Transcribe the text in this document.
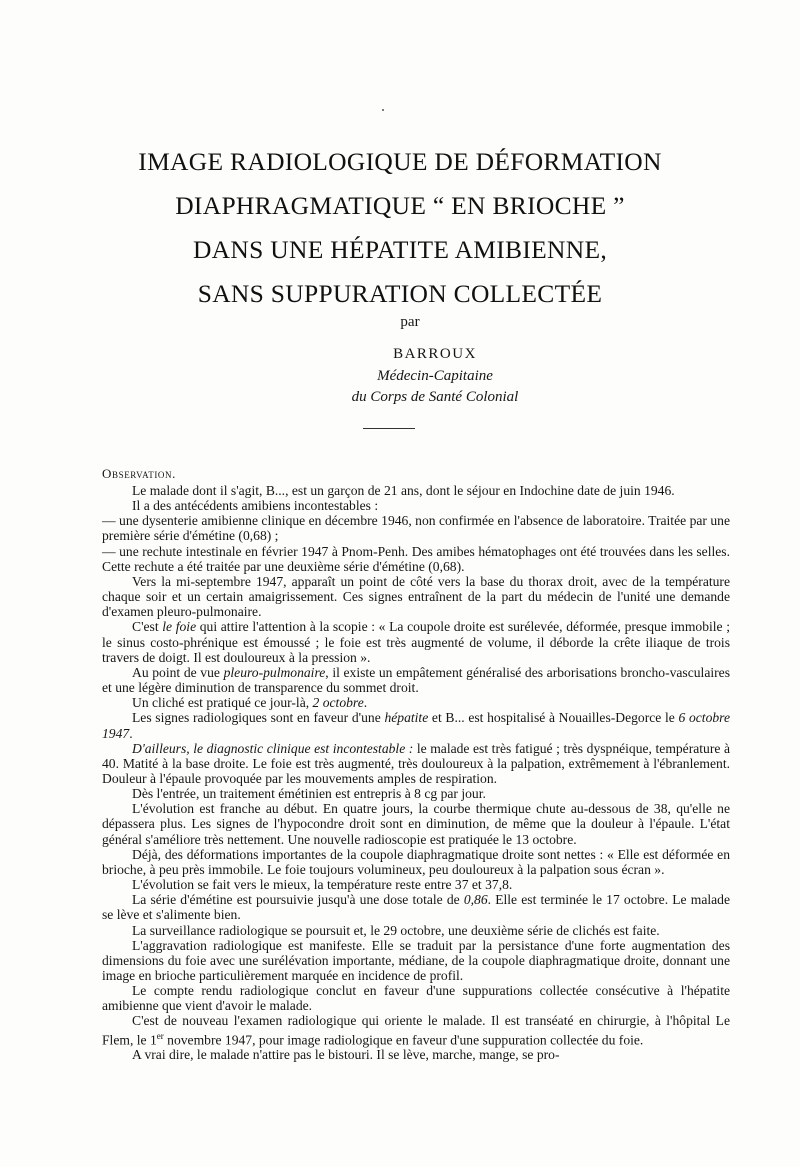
IMAGE RADIOLOGIQUE DE DÉFORMATION
DIAPHRAGMATIQUE “ EN BRIOCHE ”
DANS UNE HÉPATITE AMIBIENNE,
SANS SUPPURATION COLLECTÉE
par
BARROUX
Médecin-Capitaine
du Corps de Santé Colonial
Observation.

Le malade dont il s'agit, B..., est un garçon de 21 ans, dont le séjour en Indochine date de juin 1946.

Il a des antécédents amibiens incontestables :

— une dysenterie amibienne clinique en décembre 1946, non confirmée en l'absence de laboratoire. Traitée par une première série d'émétine (0,68) ;

— une rechute intestinale en février 1947 à Pnom-Penh. Des amibes hématophages ont été trouvées dans les selles. Cette rechute a été traitée par une deuxième série d'émétine (0,68).

Vers la mi-septembre 1947, apparaît un point de côté vers la base du thorax droit, avec de la température chaque soir et un certain amaigrissement. Ces signes entraînent de la part du médecin de l'unité une demande d'examen pleuro-pulmonaire.

C'est le foie qui attire l'attention à la scopie : « La coupole droite est surélevée, déformée, presque immobile ; le sinus costo-phrénique est émoussé ; le foie est très augmenté de volume, il déborde la crête iliaque de trois travers de doigt. Il est douloureux à la pression ».

Au point de vue pleuro-pulmonaire, il existe un empâtement généralisé des arborisations broncho-vasculaires et une légère diminution de transparence du sommet droit.

Un cliché est pratiqué ce jour-là, 2 octobre.

Les signes radiologiques sont en faveur d'une hépatite et B... est hospitalisé à Nouailles-Degorce le 6 octobre 1947.

D'ailleurs, le diagnostic clinique est incontestable : le malade est très fatigué ; très dyspnéique, température à 40. Matité à la base droite. Le foie est très augmenté, très douloureux à la palpation, extrêmement à l'ébranlement. Douleur à l'épaule provoquée par les mouvements amples de respiration.

Dès l'entrée, un traitement émétinien est entrepris à 8 cg par jour.

L'évolution est franche au début. En quatre jours, la courbe thermique chute au-dessous de 38, qu'elle ne dépassera plus. Les signes de l'hypocondre droit sont en diminution, de même que la douleur à l'épaule. L'état général s'améliore très nettement. Une nouvelle radioscopie est pratiquée le 13 octobre.

Déjà, des déformations importantes de la coupole diaphragmatique droite sont nettes : « Elle est déformée en brioche, à peu près immobile. Le foie toujours volumineux, peu douloureux à la palpation sous écran ».

L'évolution se fait vers le mieux, la température reste entre 37 et 37,8.

La série d'émétine est poursuivie jusqu'à une dose totale de 0,86. Elle est terminée le 17 octobre. Le malade se lève et s'alimente bien.

La surveillance radiologique se poursuit et, le 29 octobre, une deuxième série de clichés est faite.

L'aggravation radiologique est manifeste. Elle se traduit par la persistance d'une forte augmentation des dimensions du foie avec une surélévation importante, médiane, de la coupole diaphragmatique droite, donnant une image en brioche particulièrement marquée en incidence de profil.

Le compte rendu radiologique conclut en faveur d'une suppurations collectée consécutive à l'hépatite amibienne que vient d'avoir le malade.

C'est de nouveau l'examen radiologique qui oriente le malade. Il est transéaté en chirurgie, à l'hôpital Le Flem, le 1er novembre 1947, pour image radiologique en faveur d'une suppuration collectée du foie.

A vrai dire, le malade n'attire pas le bistouri. Il se lève, marche, mange, se pro-
